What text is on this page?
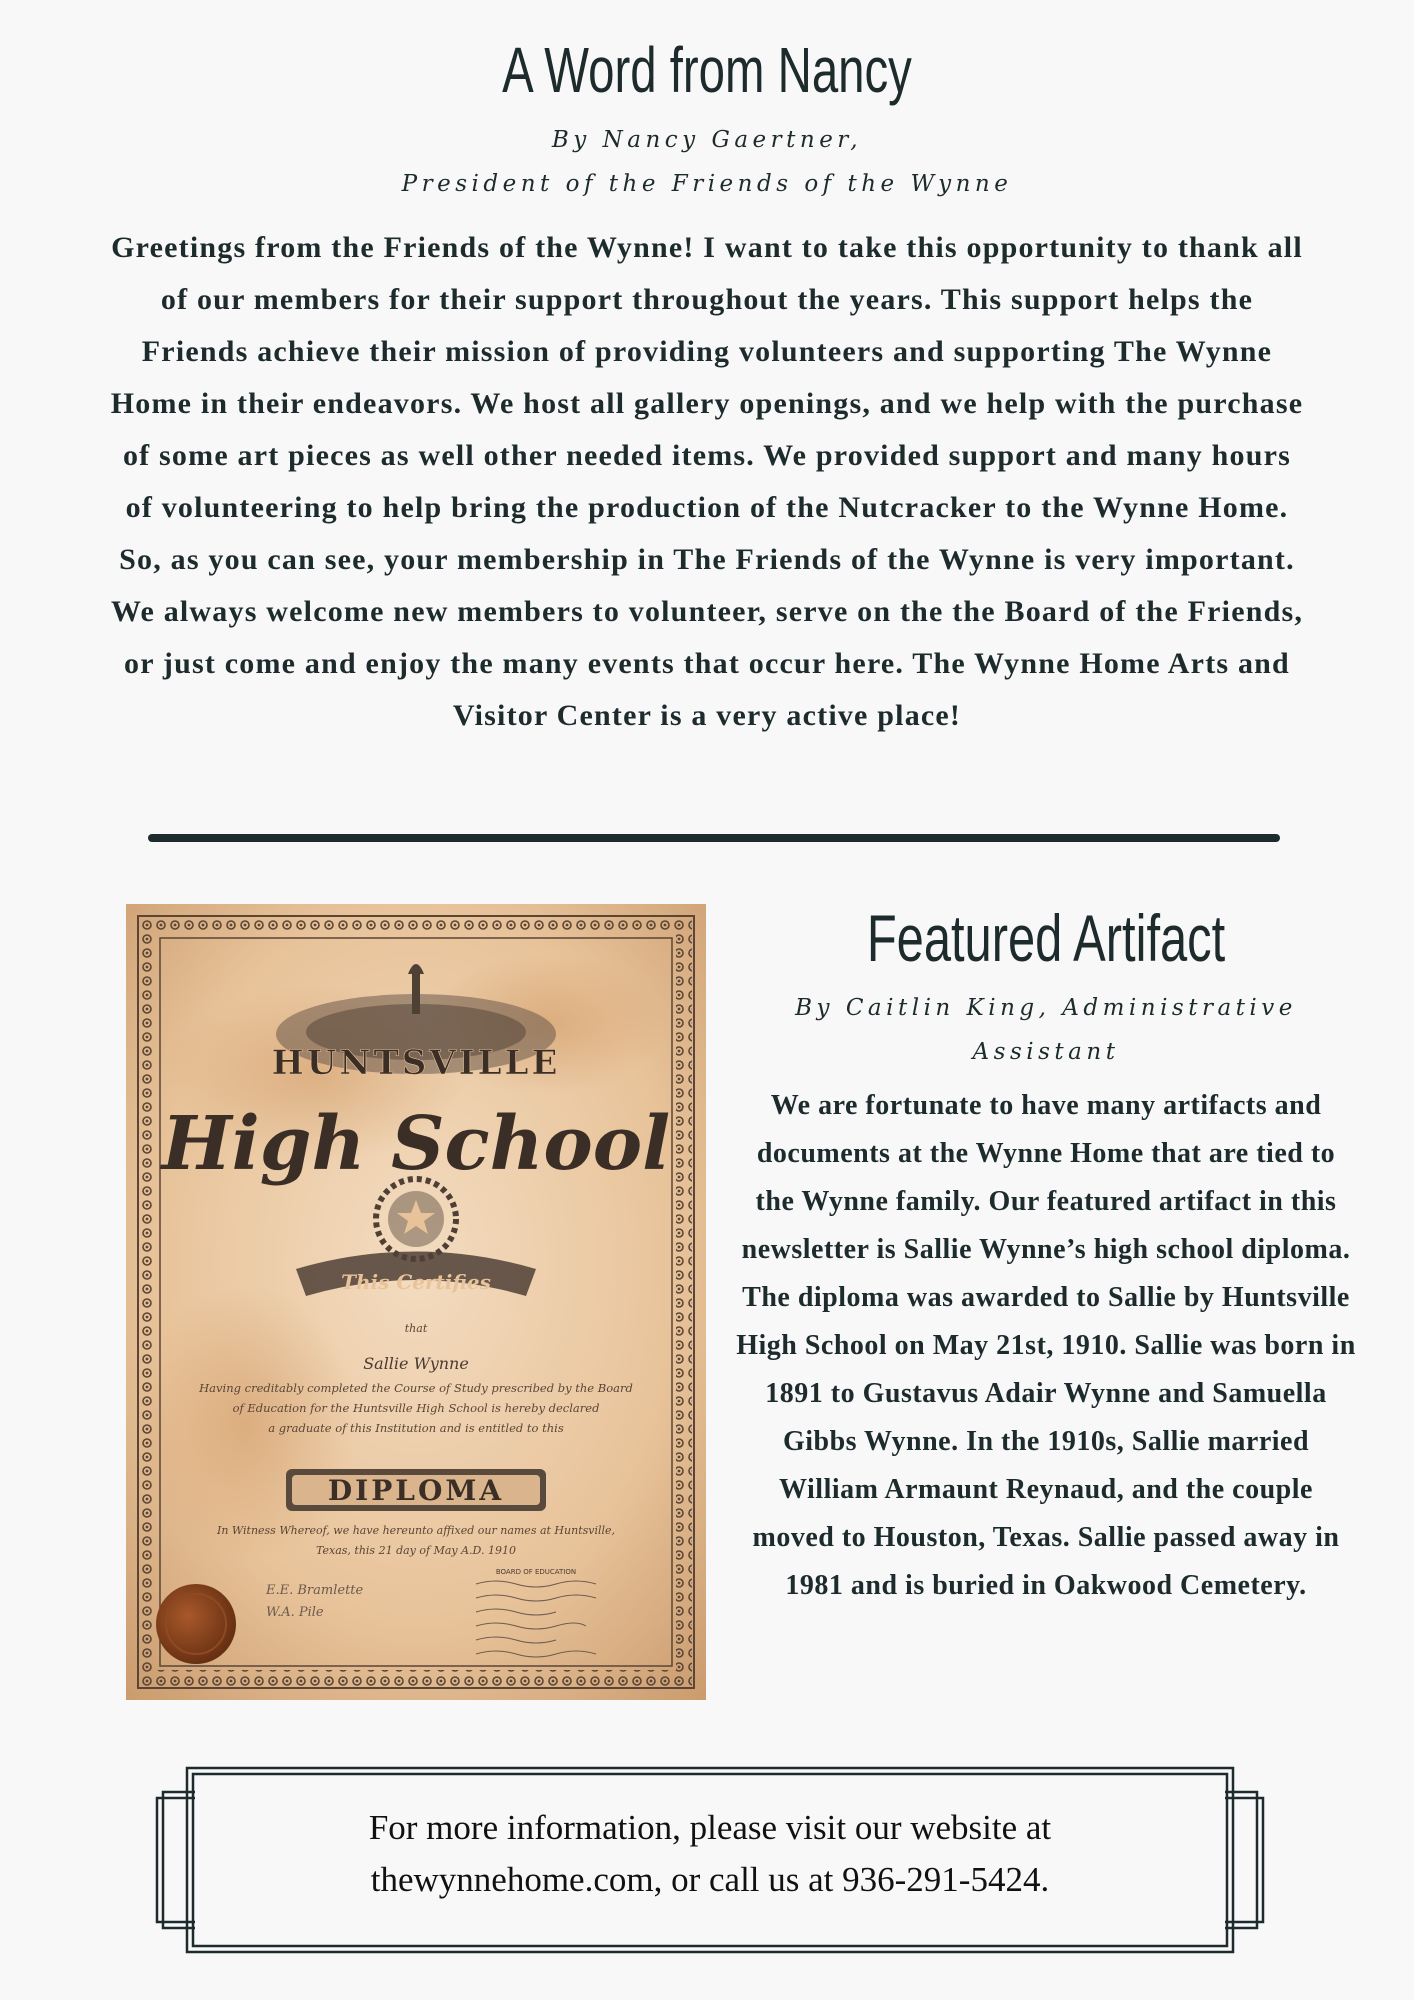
A Word from Nancy
By Nancy Gaertner,
President of the Friends of the Wynne

Greetings from the Friends of the Wynne! I want to take this opportunity to thank all of our members for their support throughout the years. This support helps the Friends achieve their mission of providing volunteers and supporting The Wynne Home in their endeavors. We host all gallery openings, and we help with the purchase of some art pieces as well other needed items. We provided support and many hours of volunteering to help bring the production of the Nutcracker to the Wynne Home. So, as you can see, your membership in The Friends of the Wynne is very important. We always welcome new members to volunteer, serve on the the Board of the Friends, or just come and enjoy the many events that occur here. The Wynne Home Arts and Visitor Center is a very active place!

HUNTSVILLE
High School
This Certifies
that
Sallie Wynne
Having creditably completed the Course of Study prescribed by the Board
of Education for the Huntsville High School is hereby declared
a graduate of this Institution and is entitled to this
DIPLOMA
In Witness Whereof, we have hereunto affixed our names at Huntsville,
Texas, this 21 day of May A.D. 1910
BOARD OF EDUCATION
E.E. Bramlette
W.A. Pile
Featured Artifact
By Caitlin King, Administrative
Assistant

We are fortunate to have many artifacts and documents at the Wynne Home that are tied to the Wynne family. Our featured artifact in this newsletter is Sallie Wynne’s high school diploma. The diploma was awarded to Sallie by Huntsville High School on May 21st, 1910. Sallie was born in 1891 to Gustavus Adair Wynne and Samuella Gibbs Wynne. In the 1910s, Sallie married William Armaunt Reynaud, and the couple moved to Houston, Texas. Sallie passed away in 1981 and is buried in Oakwood Cemetery.

For more information, please visit our website at
thewynnehome.com, or call us at 936-291-5424.
